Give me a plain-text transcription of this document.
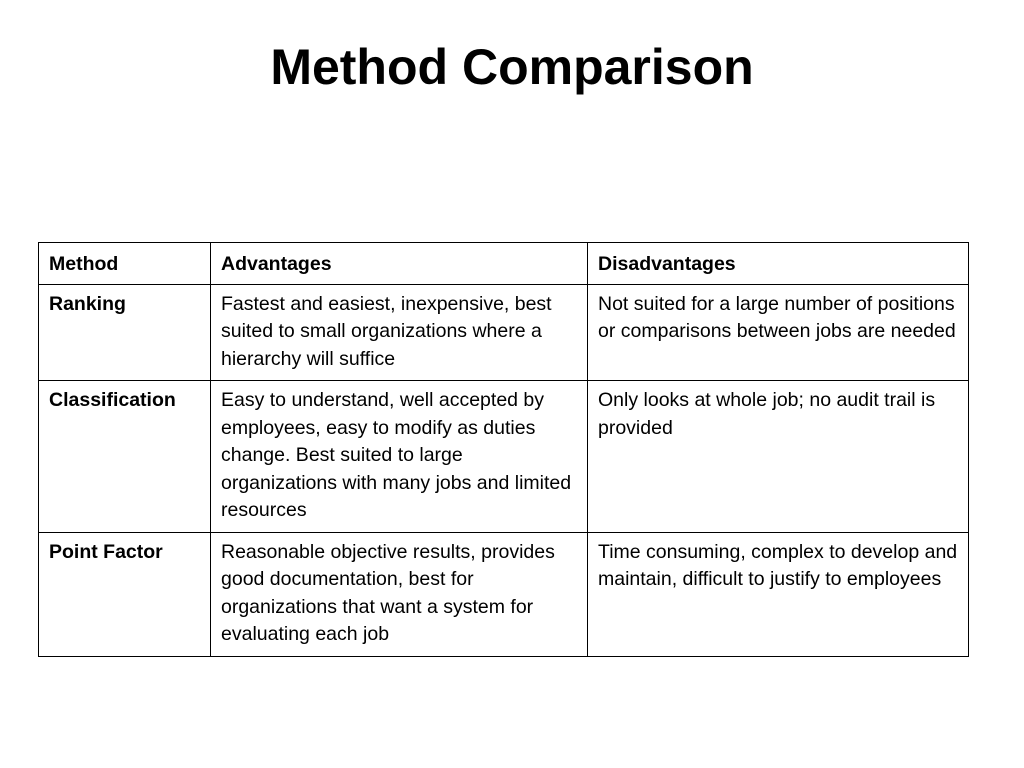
Method Comparison
Method	Advantages	Disadvantages
Ranking	Fastest and easiest, inexpensive, best suited to small organizations where a hierarchy will suffice	Not suited for a large number of positions or comparisons between jobs are needed
Classification	Easy to understand, well accepted by employees, easy to modify as duties change. Best suited to large organizations with many jobs and limited resources	Only looks at whole job; no audit trail is provided
Point Factor	Reasonable objective results, provides good documentation, best for organizations that want a system for evaluating each job	Time consuming, complex to develop and maintain, difficult to justify to employees
